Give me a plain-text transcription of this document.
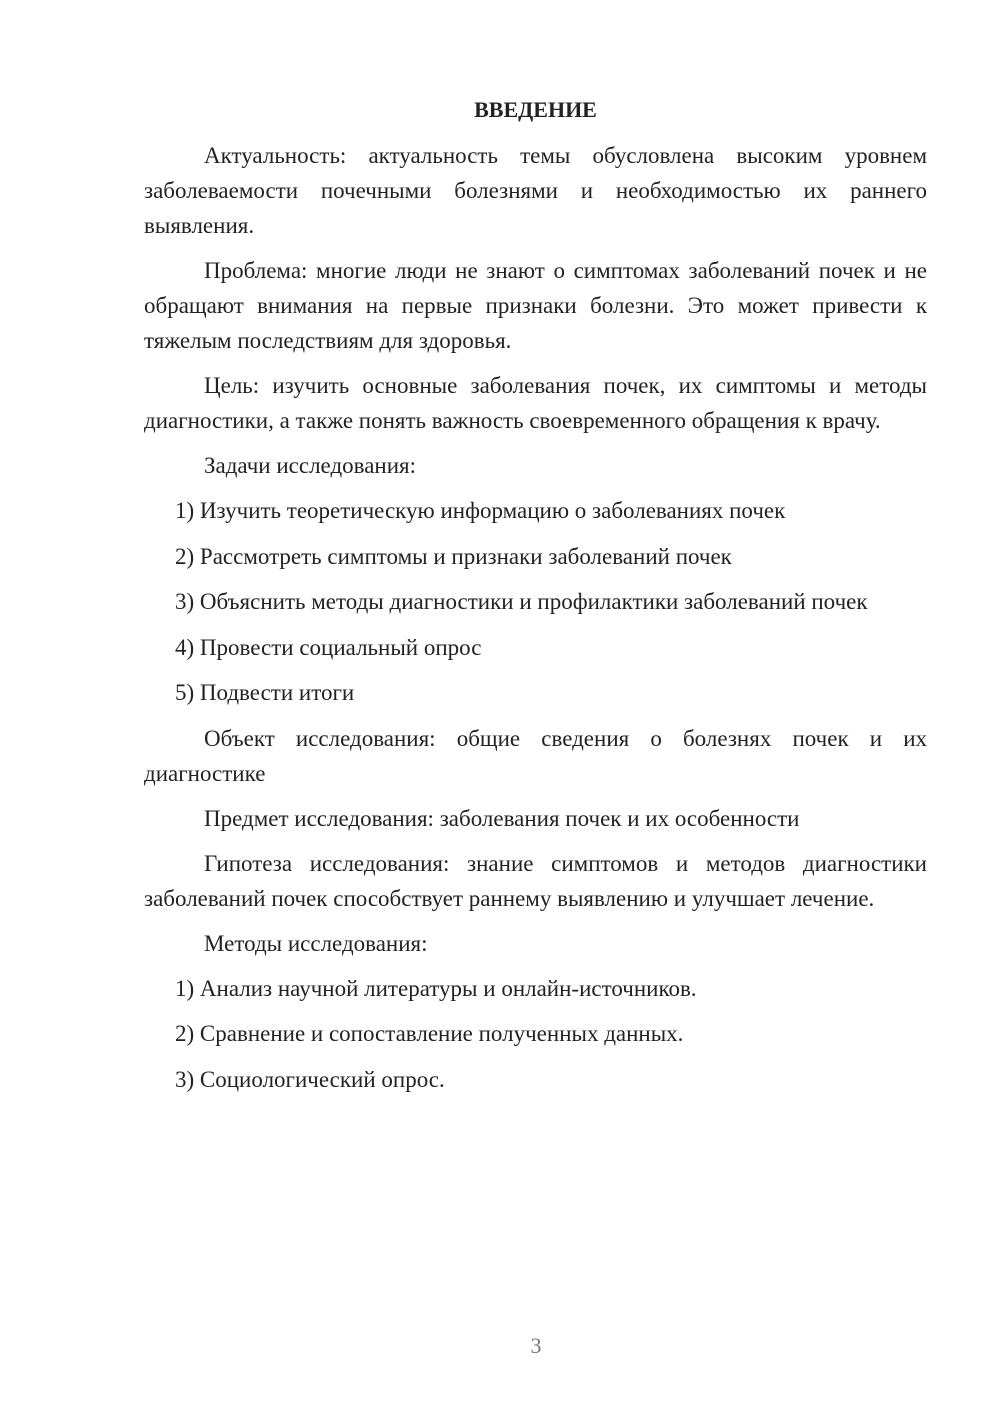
ВВЕДЕНИЕ

Актуальность: актуальность темы обусловлена высоким уровнем заболеваемости почечными болезнями и необходимостью их раннего выявления.

Проблема: многие люди не знают о симптомах заболеваний почек и не обращают внимания на первые признаки болезни. Это может привести к тяжелым последствиям для здоровья.

Цель: изучить основные заболевания почек, их симптомы и методы диагностики, а также понять важность своевременного обращения к врачу.

Задачи исследования:

1) Изучить теоретическую информацию о заболеваниях почек
2) Рассмотреть симптомы и признаки заболеваний почек
3) Объяснить методы диагностики и профилактики заболеваний почек
4) Провести социальный опрос
5) Подвести итоги

Объект исследования: общие сведения о болезнях почек и их диагностике

Предмет исследования: заболевания почек и их особенности

Гипотеза исследования: знание симптомов и методов диагностики заболеваний почек способствует раннему выявлению и улучшает лечение.

Методы исследования:

1) Анализ научной литературы и онлайн-источников.
2) Сравнение и сопоставление полученных данных.
3) Социологический опрос.
3
